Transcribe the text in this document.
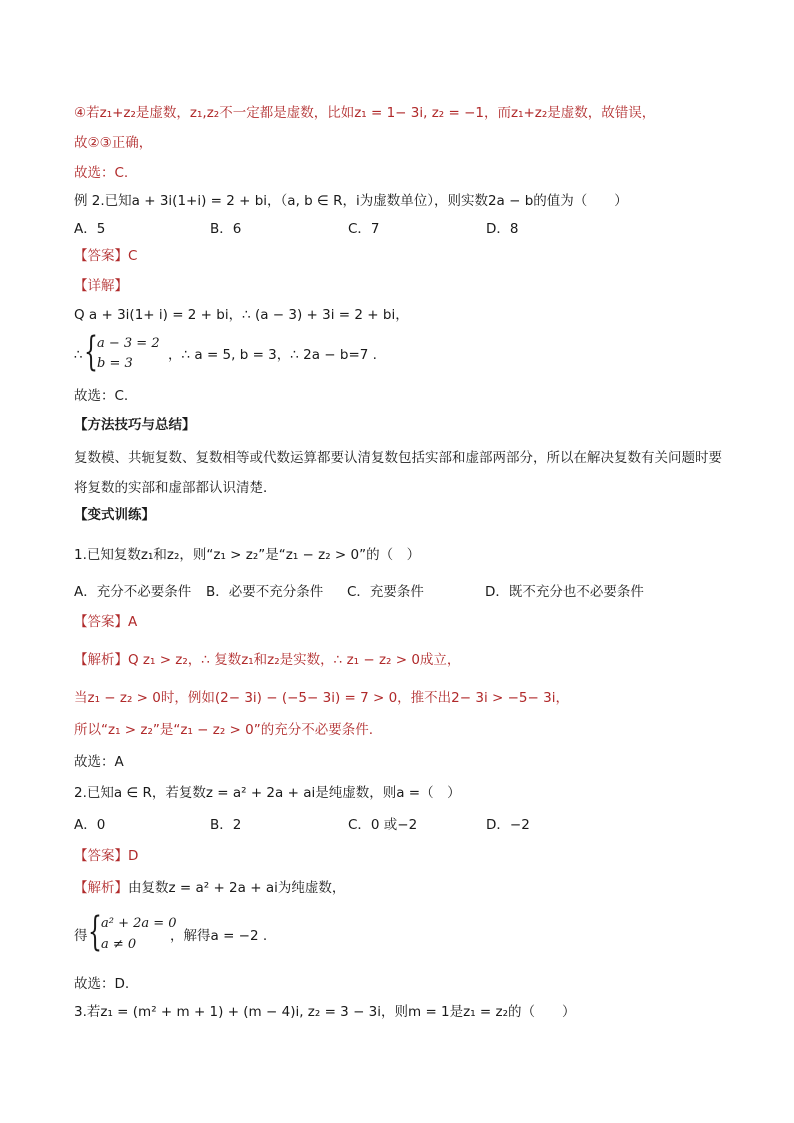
④若z₁+z₂是虚数，z₁,z₂不一定都是虚数，比如z₁ = 1− 3i, z₂ = −1，而z₁+z₂是虚数，故错误，
故②③正确，
故选：C.
例 2.已知a + 3i(1+i) = 2 + bi，（a, b ∈ R，i为虚数单位），则实数2a − b的值为（　　）
A．5	B．6	C．7	D．8
【答案】C
【详解】
Q a + 3i(1+ i) = 2 + bi，∴ (a − 3) + 3i = 2 + bi，
∴ { a − 3 = 2
b = 3
，∴ a = 5, b = 3，∴ 2a − b=7 .
故选：C.
【方法技巧与总结】
复数模、共轭复数、复数相等或代数运算都要认清复数包括实部和虚部两部分，所以在解决复数有关问题时要将复数的实部和虚部都认识清楚．
【变式训练】
1.已知复数z₁和z₂，则“z₁ > z₂”是“z₁ − z₂ > 0”的（　）
A．充分不必要条件 B．必要不充分条件 C．充要条件	D．既不充分也不必要条件
【答案】A
【解析】Q z₁ > z₂，∴ 复数z₁和z₂是实数，∴ z₁ − z₂ > 0成立，
当z₁ − z₂ > 0时，例如(2− 3i) − (−5− 3i) = 7 > 0，推不出2− 3i > −5− 3i，
所以“z₁ > z₂”是“z₁ − z₂ > 0”的充分不必要条件.
故选：A
2.已知a ∈ R，若复数z = a² + 2a + ai是纯虚数，则a =（　）
A．0	B．2	C．0 或−2	D．−2
【答案】D
【解析】由复数z = a² + 2a + ai为纯虚数，
得 { a² + 2a = 0
a ≠ 0
，解得a = −2 .
故选：D.
3.若z₁ = (m² + m + 1) + (m − 4)i, z₂ = 3 − 3i，则m = 1是z₁ = z₂的（　　）
